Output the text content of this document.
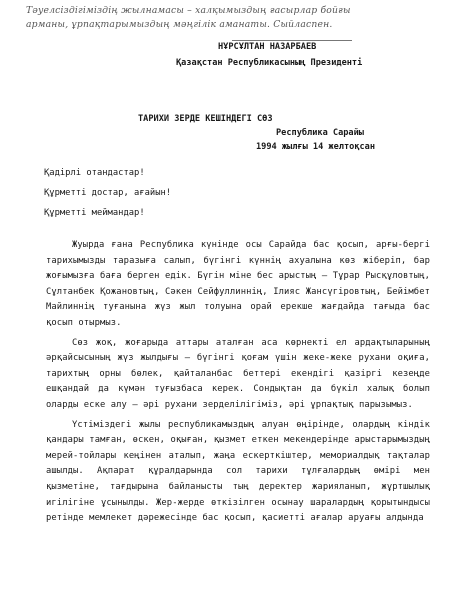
Тәуелсіздігіміздің жылнамасы – халқымыздың ғасырлар бойғы
арманы, ұрпақтарымыздың мәңгілік аманаты. Сыйласпен.
НҰРСҰЛТАН НАЗАРБАЕВ
Қазақстан Республикасының Президенті
ТАРИХИ ЗЕРДЕ КЕШІНДЕГІ СӨЗ
Республика Сарайы
1994 жылғы 14 желтоқсан
Қадірлі отандастар!
Құрметті достар, ағайын!
Құрметті меймандар!

Жуырда ғана Республика күнінде осы Сарайда бас қосып, арғы-бергі тарихымызды таразыға салып, бүгінгі күннің ахуалына көз жіберіп, бар жоғымызға баға берген едік. Бүгін міне бес арыстың – Тұрар Рысқұловтың, Сұлтанбек Қожановтың, Сәкен Сейфуллиннің, Ілияс Жансүгіровтың, Бейімбет Майлиннің туғанына жүз жыл толуына орай ерекше жағдайда тағыда бас қосып отырмыз.

Сөз жоқ, жоғарыда аттары аталған аса көрнекті ел ардақтыларының әрқайсысының жүз жылдығы – бүгінгі қоғам үшін жеке-жеке рухани оқиға, тарихтың орны бөлек, қайталанбас беттері екендігі қазіргі кезеңде ешқандай да күмән туғызбаса керек. Сондықтан да бүкіл халық болып оларды еске алу – әрі рухани зерделілігіміз, әрі ұрпақтық парызымыз.

Үстіміздегі жылы республикамыздың алуан өңірінде, олардың кіндік қандары тамған, өскен, оқыған, қызмет еткен мекендерінде арыстарымыздың мерей-тойлары кеңінен аталып, жаңа ескерткіштер, мемориалдық тақталар ашылды. Ақпарат құралдарында сол тарихи тұлғалардың өмірі мен қызметіне, тағдырына байланысты тың деректер жарияланып, жұртшылық игілігіне ұсынылды. Жер-жерде өткізілген осынау шаралардың қорытындысы ретінде мемлекет дәрежесінде бас қосып, қасиетті ағалар аруағы алдында
